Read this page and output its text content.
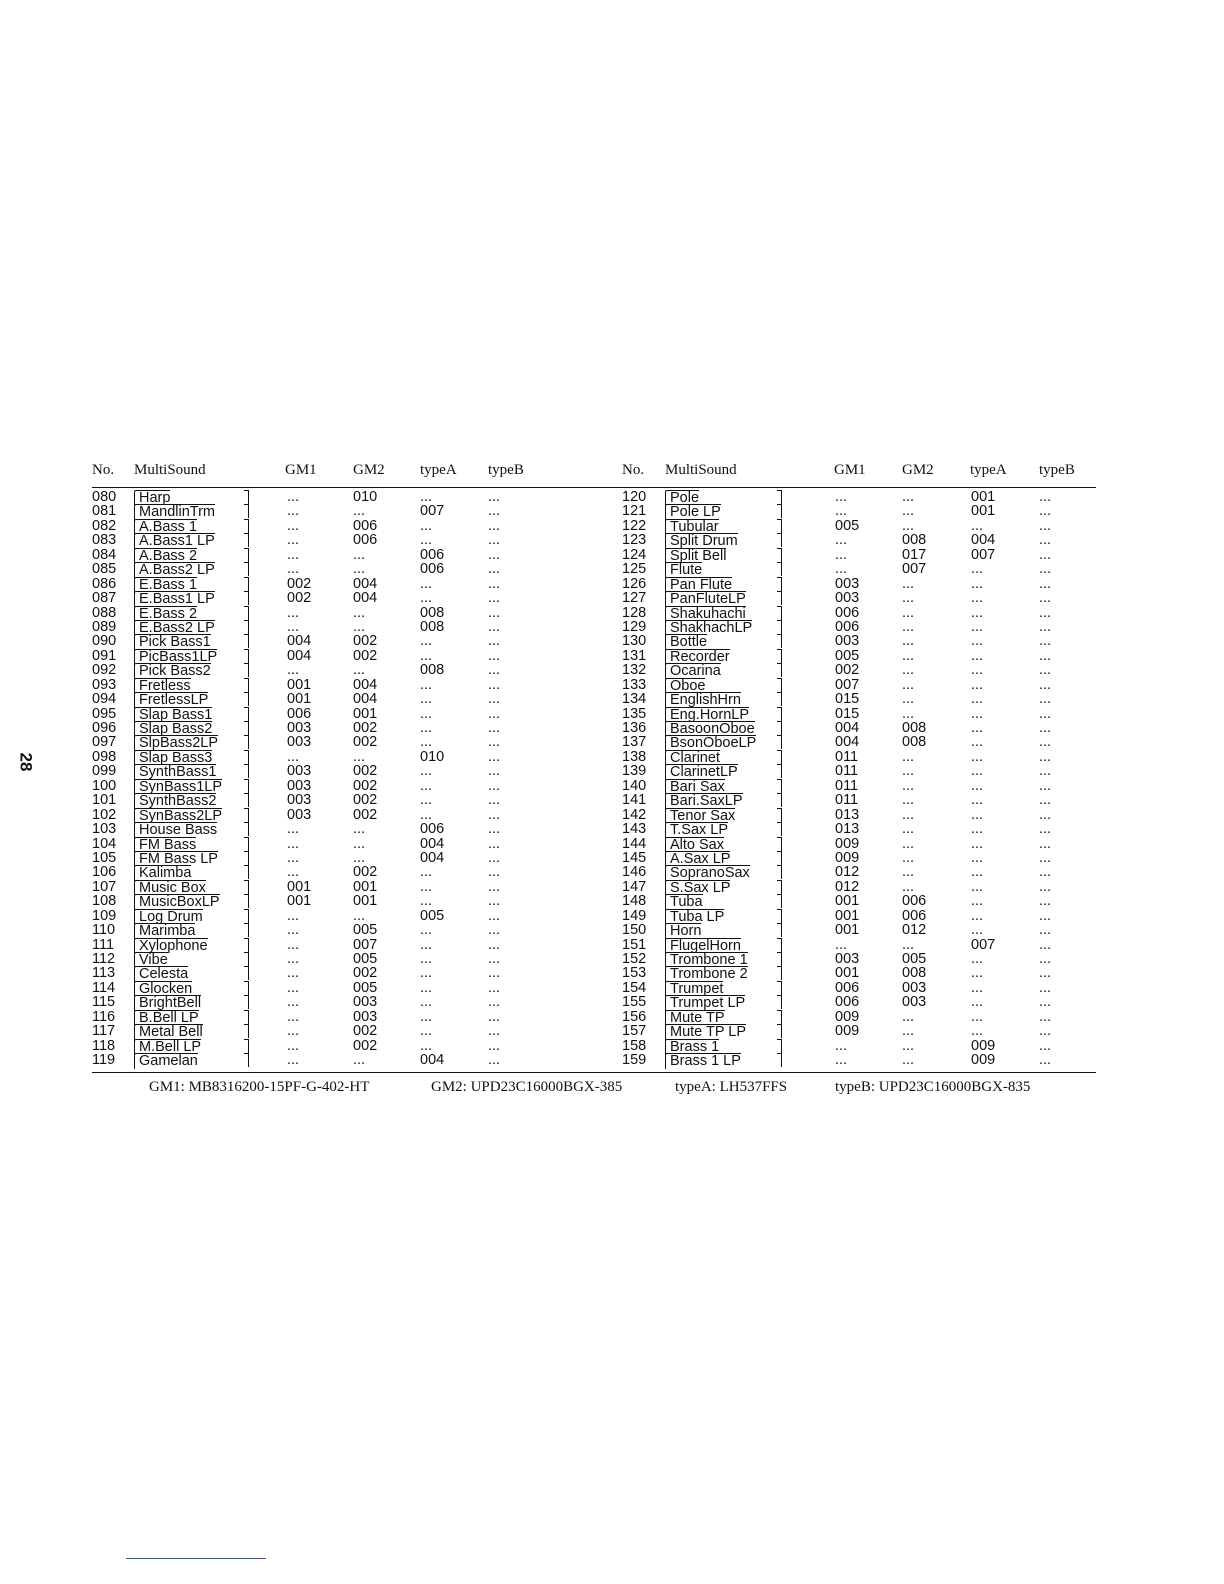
28
No. MultiSound	GM1 GM2 typeA typeB	No. MultiSound	GM1 GM2 typeA typeB
080	Harp	...	010	...	...	120	Pole	...	...	001	...
081	MandlinTrm	...	...	007	...	121	Pole LP	...	...	001	...
082	A.Bass 1	...	006	...	...	122	Tubular	005	...	...	...
083	A.Bass1 LP	...	006	...	...	123	Split Drum	...	008	004	...
084	A.Bass 2	...	...	006	...	124	Split Bell	...	017	007	...
085	A.Bass2 LP	...	...	006	...	125	Flute	...	007	...	...
086	E.Bass 1	002	004	...	...	126	Pan Flute	003	...	...	...
087	E.Bass1 LP	002	004	...	...	127	PanFluteLP	003	...	...	...
088	E.Bass 2	...	...	008	...	128	Shakuhachi	006	...	...	...
089	E.Bass2 LP	...	...	008	...	129	ShakhachLP	006	...	...	...
090	Pick Bass1	004	002	...	...	130	Bottle	003	...	...	...
091	PicBass1LP	004	002	...	...	131	Recorder	005	...	...	...
092	Pick Bass2	...	...	008	...	132	Ocarina	002	...	...	...
093	Fretless	001	004	...	...	133	Oboe	007	...	...	...
094	FretlessLP	001	004	...	...	134	EnglishHrn	015	...	...	...
095	Slap Bass1	006	001	...	...	135	Eng.HornLP	015	...	...	...
096	Slap Bass2	003	002	...	...	136	BasoonOboe	004	008	...	...
097	SlpBass2LP	003	002	...	...	137	BsonOboeLP	004	008	...	...
098	Slap Bass3	...	...	010	...	138	Clarinet	011	...	...	...
099	SynthBass1	003	002	...	...	139	ClarinetLP	011	...	...	...
100	SynBass1LP	003	002	...	...	140	Bari Sax	011	...	...	...
101	SynthBass2	003	002	...	...	141	Bari.SaxLP	011	...	...	...
102	SynBass2LP	003	002	...	...	142	Tenor Sax	013	...	...	...
103	House Bass	...	...	006	...	143	T.Sax LP	013	...	...	...
104	FM Bass	...	...	004	...	144	Alto Sax	009	...	...	...
105	FM Bass LP	...	...	004	...	145	A.Sax LP	009	...	...	...
106	Kalimba	...	002	...	...	146	SopranoSax	012	...	...	...
107	Music Box	001	001	...	...	147	S.Sax LP	012	...	...	...
108	MusicBoxLP	001	001	...	...	148	Tuba	001	006	...	...
109	Log Drum	...	...	005	...	149	Tuba LP	001	006	...	...
110	Marimba	...	005	...	...	150	Horn	001	012	...	...
111	Xylophone	...	007	...	...	151	FlugelHorn	...	...	007	...
112	Vibe	...	005	...	...	152	Trombone 1	003	005	...	...
113	Celesta	...	002	...	...	153	Trombone 2	001	008	...	...
114	Glocken	...	005	...	...	154	Trumpet	006	003	...	...
115	BrightBell	...	003	...	...	155	Trumpet LP	006	003	...	...
116	B.Bell LP	...	003	...	...	156	Mute TP	009	...	...	...
117	Metal Bell	...	002	...	...	157	Mute TP LP	009	...	...	...
118	M.Bell LP	...	002	...	...	158	Brass 1	...	...	009	...
119	Gamelan	...	...	004	...	159	Brass 1 LP	...	...	009	...
GM1: MB8316200-15PF-G-402-HT	GM2: UPD23C16000BGX-385	typeA: LH537FFS	typeB: UPD23C16000BGX-835
